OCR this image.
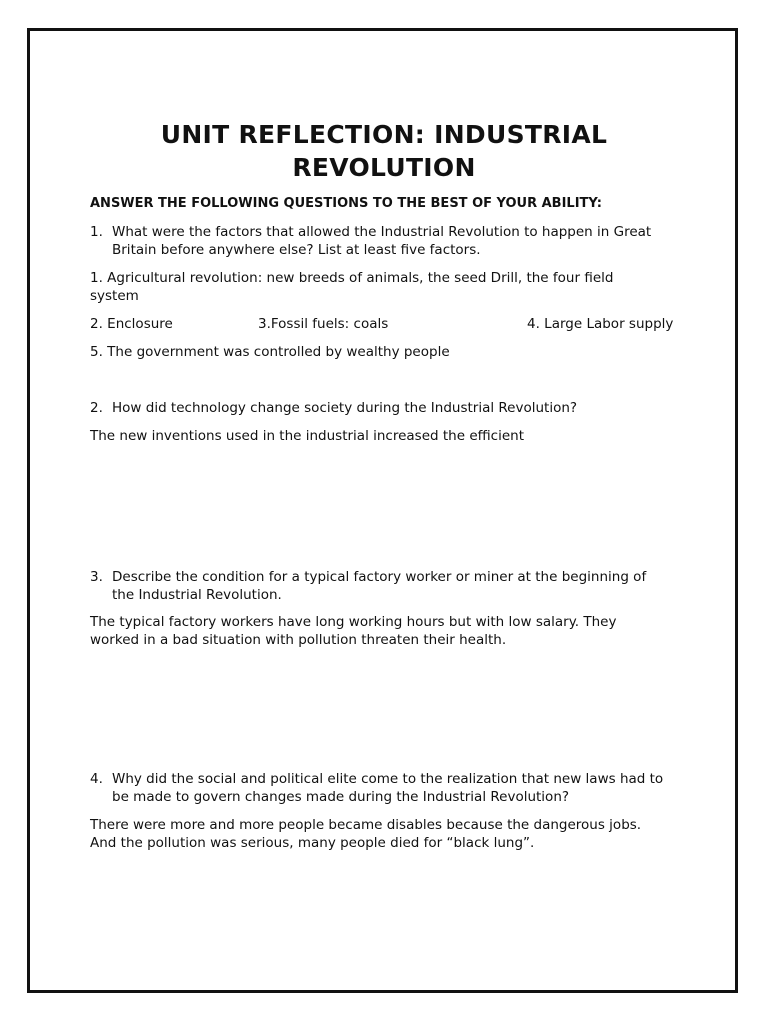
UNIT REFLECTION: INDUSTRIAL
REVOLUTION
ANSWER THE FOLLOWING QUESTIONS TO THE BEST OF YOUR ABILITY:
1. What were the factors that allowed the Industrial Revolution to happen in Great
Britain before anywhere else? List at least five factors.
1. Agricultural revolution: new breeds of animals, the seed Drill, the four field
system
2. Enclosure	3.Fossil fuels: coals	4. Large Labor supply
5. The government was controlled by wealthy people
2. How did technology change society during the Industrial Revolution?
The new inventions used in the industrial increased the efficient
3. Describe the condition for a typical factory worker or miner at the beginning of
the Industrial Revolution.
The typical factory workers have long working hours but with low salary. They
worked in a bad situation with pollution threaten their health.
4. Why did the social and political elite come to the realization that new laws had to
be made to govern changes made during the Industrial Revolution?
There were more and more people became disables because the dangerous jobs.
And the pollution was serious, many people died for “black lung”.
